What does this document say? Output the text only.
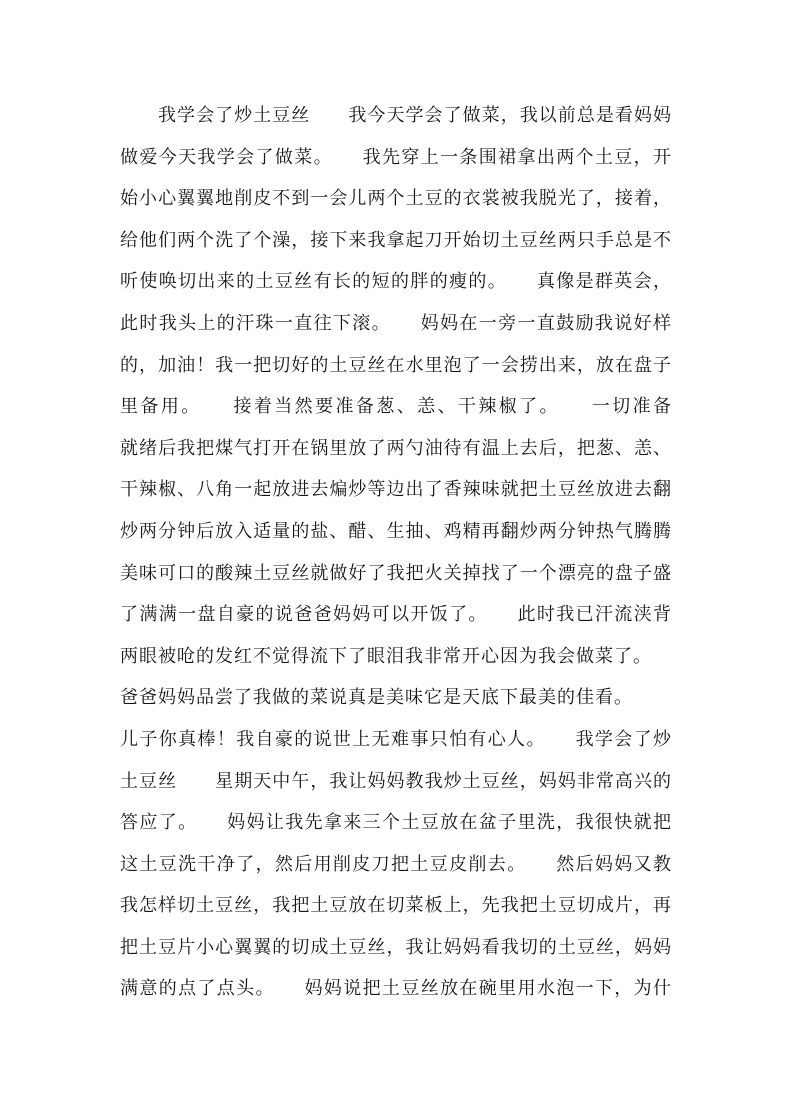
我学会了炒土豆丝　　我今天学会了做菜，我以前总是看妈妈
做爱今天我学会了做菜。　　我先穿上一条围裙拿出两个土豆，开
始小心翼翼地削皮不到一会儿两个土豆的衣裳被我脱光了，接着，
给他们两个洗了个澡，接下来我拿起刀开始切土豆丝两只手总是不
听使唤切出来的土豆丝有长的短的胖的瘦的。　　真像是群英会，
此时我头上的汗珠一直往下滚。　　妈妈在一旁一直鼓励我说好样
的，加油！我一把切好的土豆丝在水里泡了一会捞出来，放在盘子
里备用。　　接着当然要准备葱、恙、干辣椒了。　　一切准备
就绪后我把煤气打开在锅里放了两勺油待有温上去后，把葱、恙、
干辣椒、八角一起放进去煸炒等边出了香辣味就把土豆丝放进去翻
炒两分钟后放入适量的盐、醋、生抽、鸡精再翻炒两分钟热气腾腾
美味可口的酸辣土豆丝就做好了我把火关掉找了一个漂亮的盘子盛
了满满一盘自豪的说爸爸妈妈可以开饭了。　　此时我已汗流浃背
两眼被呛的发红不觉得流下了眼泪我非常开心因为我会做菜了。
爸爸妈妈品尝了我做的菜说真是美味它是天底下最美的佳看。
儿子你真棒！我自豪的说世上无难事只怕有心人。　　我学会了炒
土豆丝　　星期天中午，我让妈妈教我炒土豆丝，妈妈非常高兴的
答应了。　　妈妈让我先拿来三个土豆放在盆子里洗，我很快就把
这土豆洗干净了，然后用削皮刀把土豆皮削去。　　然后妈妈又教
我怎样切土豆丝，我把土豆放在切菜板上，先我把土豆切成片，再
把土豆片小心翼翼的切成土豆丝，我让妈妈看我切的土豆丝，妈妈
满意的点了点头。　　妈妈说把土豆丝放在碗里用水泡一下，为什
